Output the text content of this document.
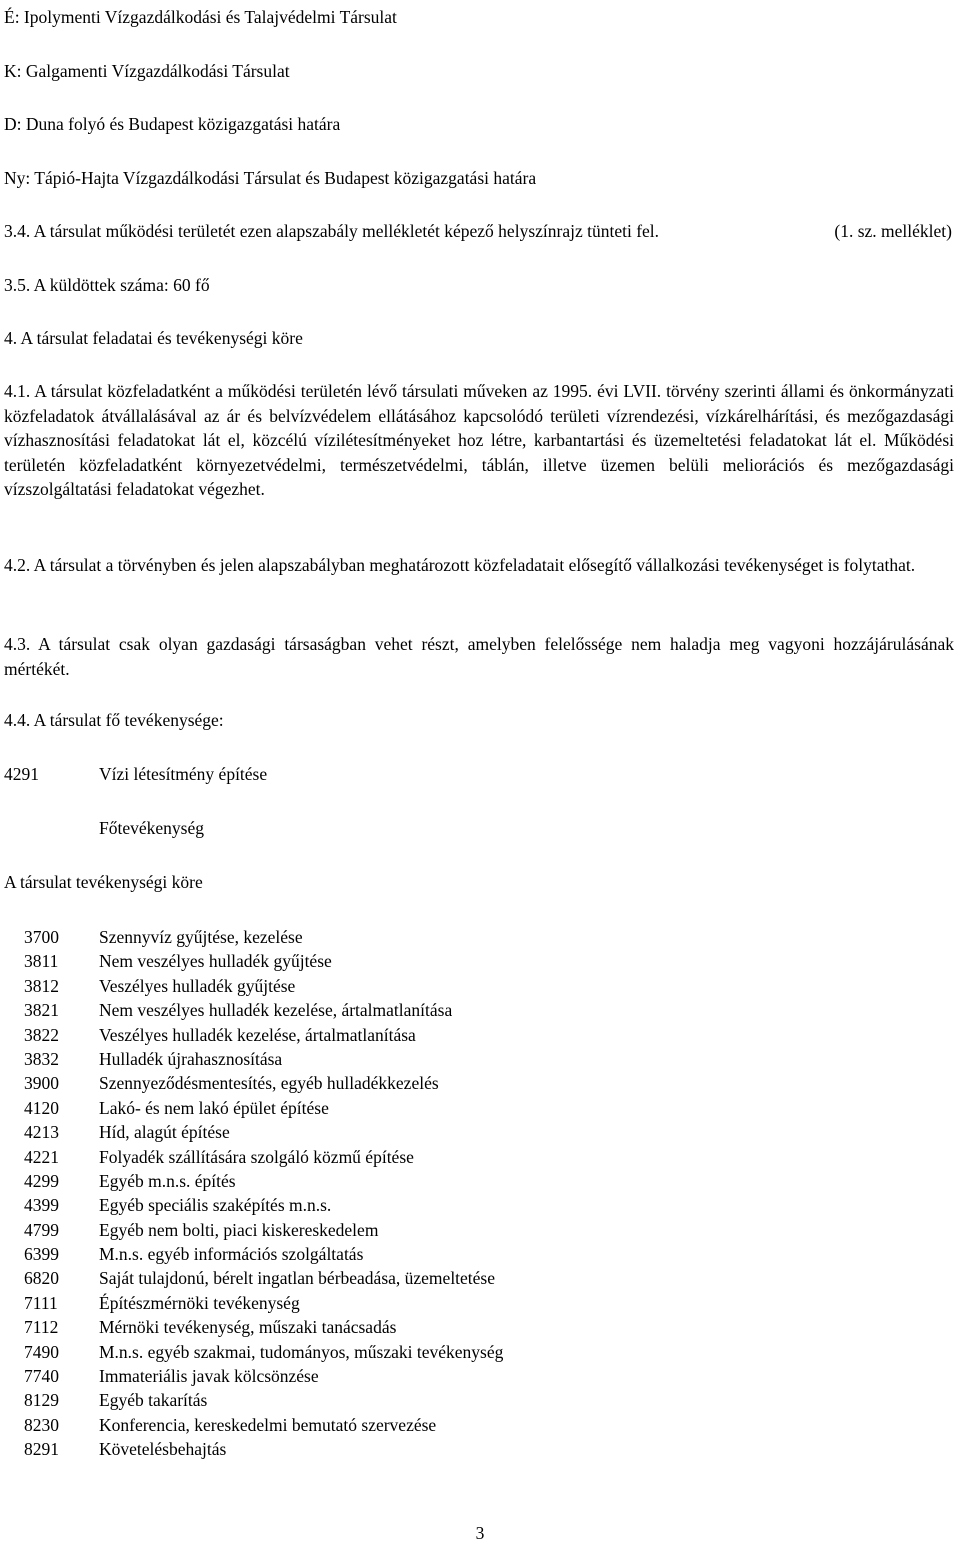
É: Ipolymenti Vízgazdálkodási és Talajvédelmi Társulat
K: Galgamenti Vízgazdálkodási Társulat
D: Duna folyó és Budapest közigazgatási határa
Ny: Tápió-Hajta Vízgazdálkodási Társulat és Budapest közigazgatási határa
3.4. A társulat működési területét ezen alapszabály mellékletét képező helyszínrajz tünteti fel.	(1. sz. melléklet)
3.5. A küldöttek száma: 60 fő
4. A társulat feladatai és tevékenységi köre
4.1. A társulat közfeladatként a működési területén lévő társulati műveken az 1995. évi LVII. törvény szerinti állami és önkormányzati közfeladatok átvállalásával az ár és belvízvédelem ellátásához kapcsolódó területi vízrendezési, vízkárelhárítási, és mezőgazdasági vízhasznosítási feladatokat lát el, közcélú vízilétesítményeket hoz létre, karbantartási és üzemeltetési feladatokat lát el. Működési területén közfeladatként környezetvédelmi, természetvédelmi, táblán, illetve üzemen belüli meliorációs és mezőgazdasági vízszolgáltatási feladatokat végezhet.
4.2. A társulat a törvényben és jelen alapszabályban meghatározott közfeladatait elősegítő vállalkozási tevékenységet is folytathat.
4.3. A társulat csak olyan gazdasági társaságban vehet részt, amelyben felelőssége nem haladja meg vagyoni hozzájárulásának mértékét.
4.4. A társulat fő tevékenysége:
4291	Vízi létesítmény építése
Főtevékenység
A társulat tevékenységi köre
3700 Szennyvíz gyűjtése, kezelése
3811 Nem veszélyes hulladék gyűjtése
3812 Veszélyes hulladék gyűjtése
3821 Nem veszélyes hulladék kezelése, ártalmatlanítása
3822 Veszélyes hulladék kezelése, ártalmatlanítása
3832 Hulladék újrahasznosítása
3900 Szennyeződésmentesítés, egyéb hulladékkezelés
4120 Lakó- és nem lakó épület építése
4213 Híd, alagút építése
4221 Folyadék szállítására szolgáló közmű építése
4299 Egyéb m.n.s. építés
4399 Egyéb speciális szaképítés m.n.s.
4799 Egyéb nem bolti, piaci kiskereskedelem
6399 M.n.s. egyéb információs szolgáltatás
6820 Saját tulajdonú, bérelt ingatlan bérbeadása, üzemeltetése
7111 Építészmérnöki tevékenység
7112 Mérnöki tevékenység, műszaki tanácsadás
7490 M.n.s. egyéb szakmai, tudományos, műszaki tevékenység
7740 Immateriális javak kölcsönzése
8129 Egyéb takarítás
8230 Konferencia, kereskedelmi bemutató szervezése
8291 Követelésbehajtás
3
